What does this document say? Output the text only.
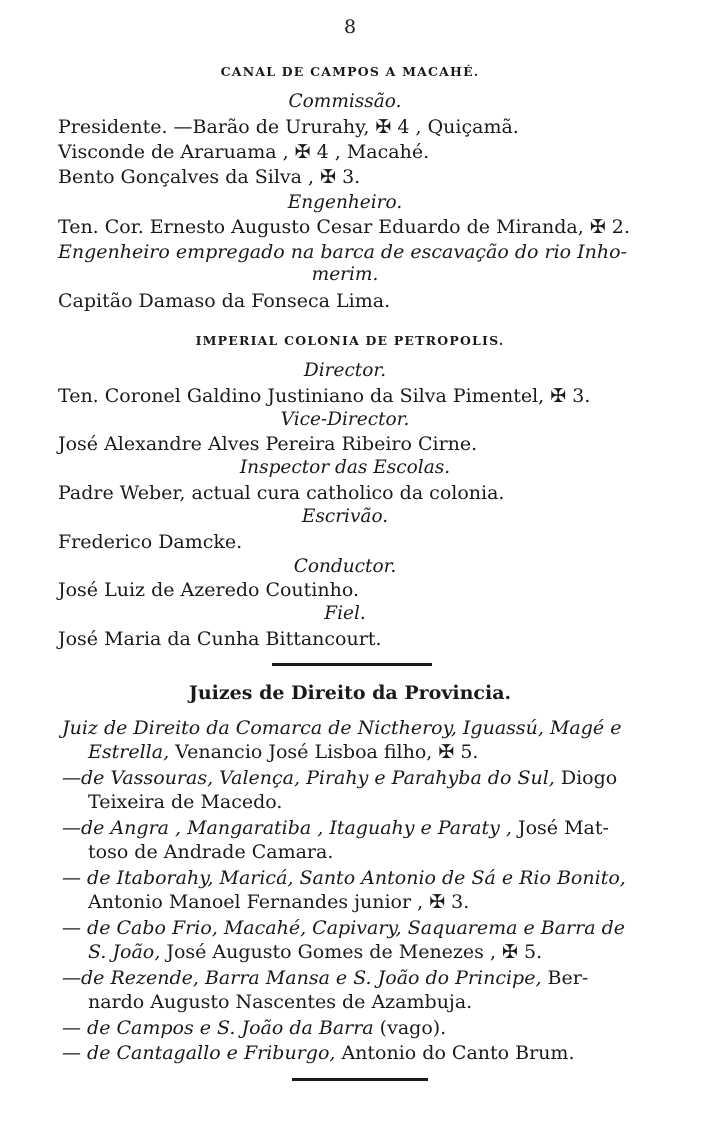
8
CANAL DE CAMPOS A MACAHÉ.
Commissão.
Presidente. —Barão de Ururahy, ✠ 4 , Quiçamã.
Visconde de Araruama , ✠ 4 , Macahé.
Bento Gonçalves da Silva , ✠ 3.
Engenheiro.
Ten. Cor. Ernesto Augusto Cesar Eduardo de Miranda, ✠ 2.
Engenheiro empregado na barca de escavação do rio Inho-
merim.
Capitão Damaso da Fonseca Lima.
IMPERIAL COLONIA DE PETROPOLIS.
Director.
Ten. Coronel Galdino Justiniano da Silva Pimentel, ✠ 3.
Vice-Director.
José Alexandre Alves Pereira Ribeiro Cirne.
Inspector das Escolas.
Padre Weber, actual cura catholico da colonia.
Escrivão.
Frederico Damcke.
Conductor.
José Luiz de Azeredo Coutinho.
Fiel.
José Maria da Cunha Bittancourt.
Juizes de Direito da Provincia.
Juiz de Direito da Comarca de Nictheroy, Iguassú, Magé e
Estrella, Venancio José Lisboa filho, ✠ 5.
—de Vassouras, Valença, Pirahy e Parahyba do Sul, Diogo
Teixeira de Macedo.
—de Angra , Mangaratiba , Itaguahy e Paraty , José Mat-
toso de Andrade Camara.
— de Itaborahy, Maricá, Santo Antonio de Sá e Rio Bonito,
Antonio Manoel Fernandes junior , ✠ 3.
— de Cabo Frio, Macahé, Capivary, Saquarema e Barra de
S. João, José Augusto Gomes de Menezes , ✠ 5.
—de Rezende, Barra Mansa e S. João do Principe, Ber-
nardo Augusto Nascentes de Azambuja.
— de Campos e S. João da Barra (vago).
— de Cantagallo e Friburgo, Antonio do Canto Brum.
